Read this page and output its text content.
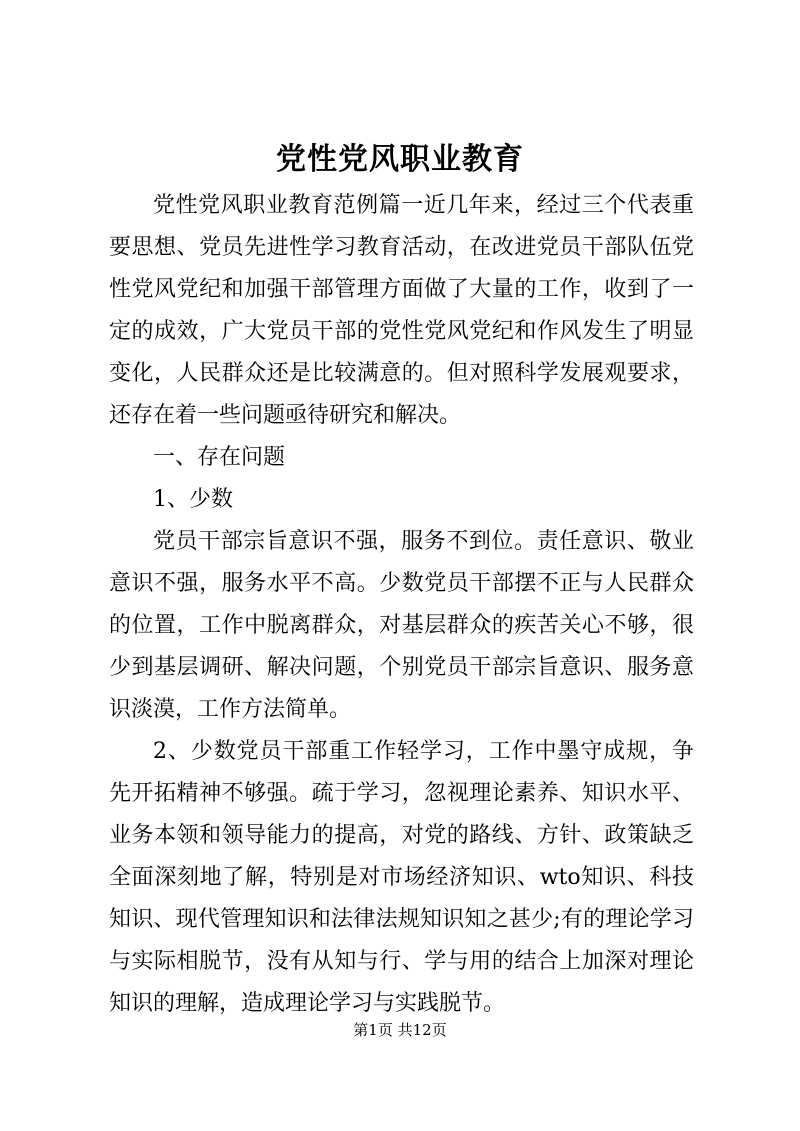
党性党风职业教育

党性党风职业教育范例篇一近几年来，经过三个代表重要思想、党员先进性学习教育活动，在改进党员干部队伍党性党风党纪和加强干部管理方面做了大量的工作，收到了一定的成效，广大党员干部的党性党风党纪和作风发生了明显变化，人民群众还是比较满意的。但对照科学发展观要求，还存在着一些问题亟待研究和解决。

一、存在问题

1、少数

党员干部宗旨意识不强，服务不到位。责任意识、敬业意识不强，服务水平不高。少数党员干部摆不正与人民群众的位置，工作中脱离群众，对基层群众的疾苦关心不够，很少到基层调研、解决问题，个别党员干部宗旨意识、服务意识淡漠，工作方法简单。

2、少数党员干部重工作轻学习，工作中墨守成规，争先开拓精神不够强。疏于学习，忽视理论素养、知识水平、业务本领和领导能力的提高，对党的路线、方针、政策缺乏全面深刻地了解，特别是对市场经济知识、wto知识、科技知识、现代管理知识和法律法规知识知之甚少;有的理论学习与实际相脱节，没有从知与行、学与用的结合上加深对理论知识的理解，造成理论学习与实践脱节。

第1页 共12页
